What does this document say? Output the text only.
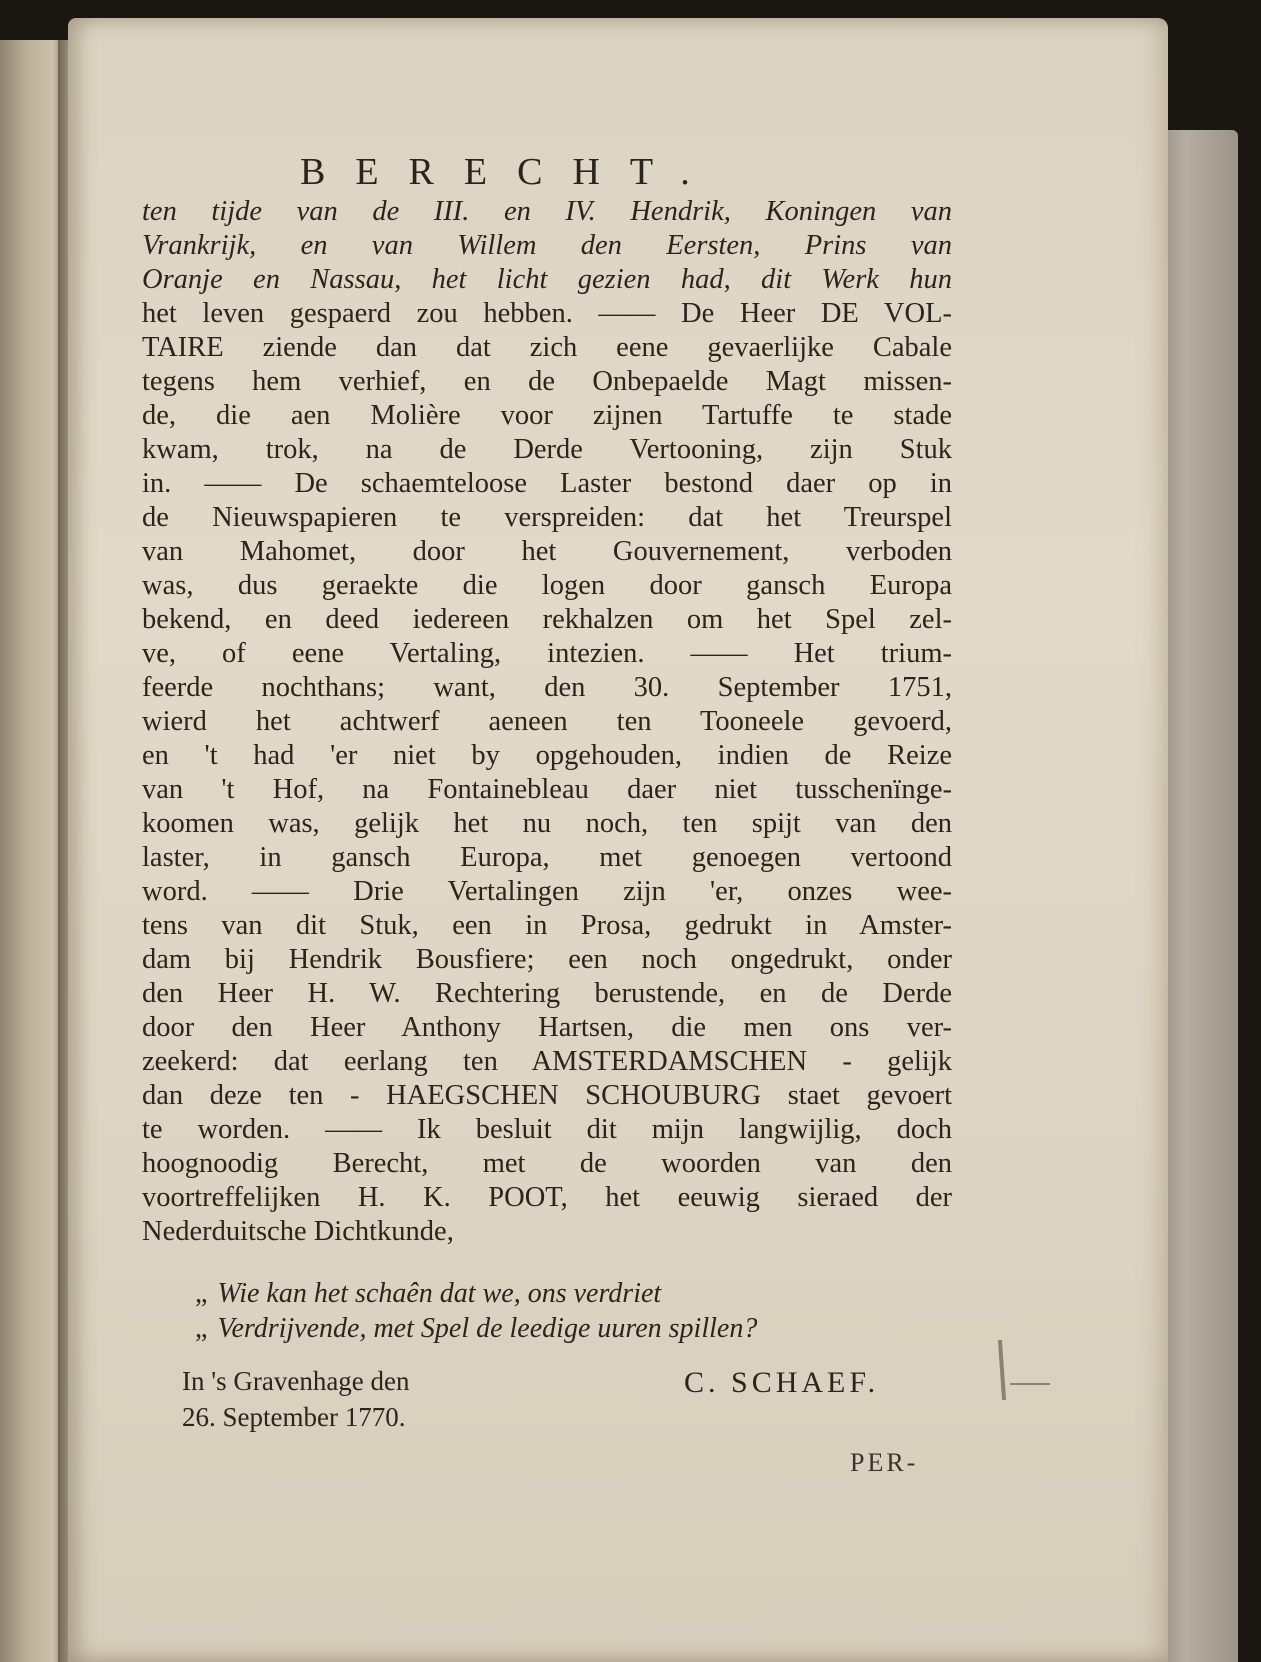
BERECHT.
ten tijde van de III. en IV. Hendrik, Koningen van
Vrankrijk, en van Willem den Eersten, Prins van
Oranje en Nassau, het licht gezien had, dit Werk hun
het leven gespaerd zou hebben. —— De Heer DE VOL-
TAIRE ziende dan dat zich eene gevaerlijke Cabale
tegens hem verhief, en de Onbepaelde Magt missen-
de, die aen Molière voor zijnen Tartuffe te stade
kwam, trok, na de Derde Vertooning, zijn Stuk
in. —— De schaemteloose Laster bestond daer op in
de Nieuwspapieren te verspreiden: dat het Treurspel
van Mahomet, door het Gouvernement, verboden
was, dus geraekte die logen door gansch Europa
bekend, en deed iedereen rekhalzen om het Spel zel-
ve, of eene Vertaling, intezien. —— Het trium-
feerde nochthans; want, den 30. September 1751,
wierd het achtwerf aeneen ten Tooneele gevoerd,
en 't had 'er niet by opgehouden, indien de Reize
van 't Hof, na Fontainebleau daer niet tusschenïnge-
koomen was, gelijk het nu noch, ten spijt van den
laster, in gansch Europa, met genoegen vertoond
word. —— Drie Vertalingen zijn 'er, onzes wee-
tens van dit Stuk, een in Prosa, gedrukt in Amster-
dam bij Hendrik Bousfiere; een noch ongedrukt, onder
den Heer H. W. Rechtering berustende, en de Derde
door den Heer Anthony Hartsen, die men ons ver-
zeekerd: dat eerlang ten AMSTERDAMSCHEN - gelijk
dan deze ten - HAEGSCHEN SCHOUBURG staet gevoert
te worden. —— Ik besluit dit mijn langwijlig, doch
hoognoodig Berecht, met de woorden van den
voortreffelijken H. K. POOT, het eeuwig sieraed der
Nederduitsche Dichtkunde,
„ Wie kan het schaên dat we, ons verdriet
„ Verdrijvende, met Spel de leedige uuren spillen?
In 's Gravenhage den
26. September 1770.
C. SCHAEF.
PER-
